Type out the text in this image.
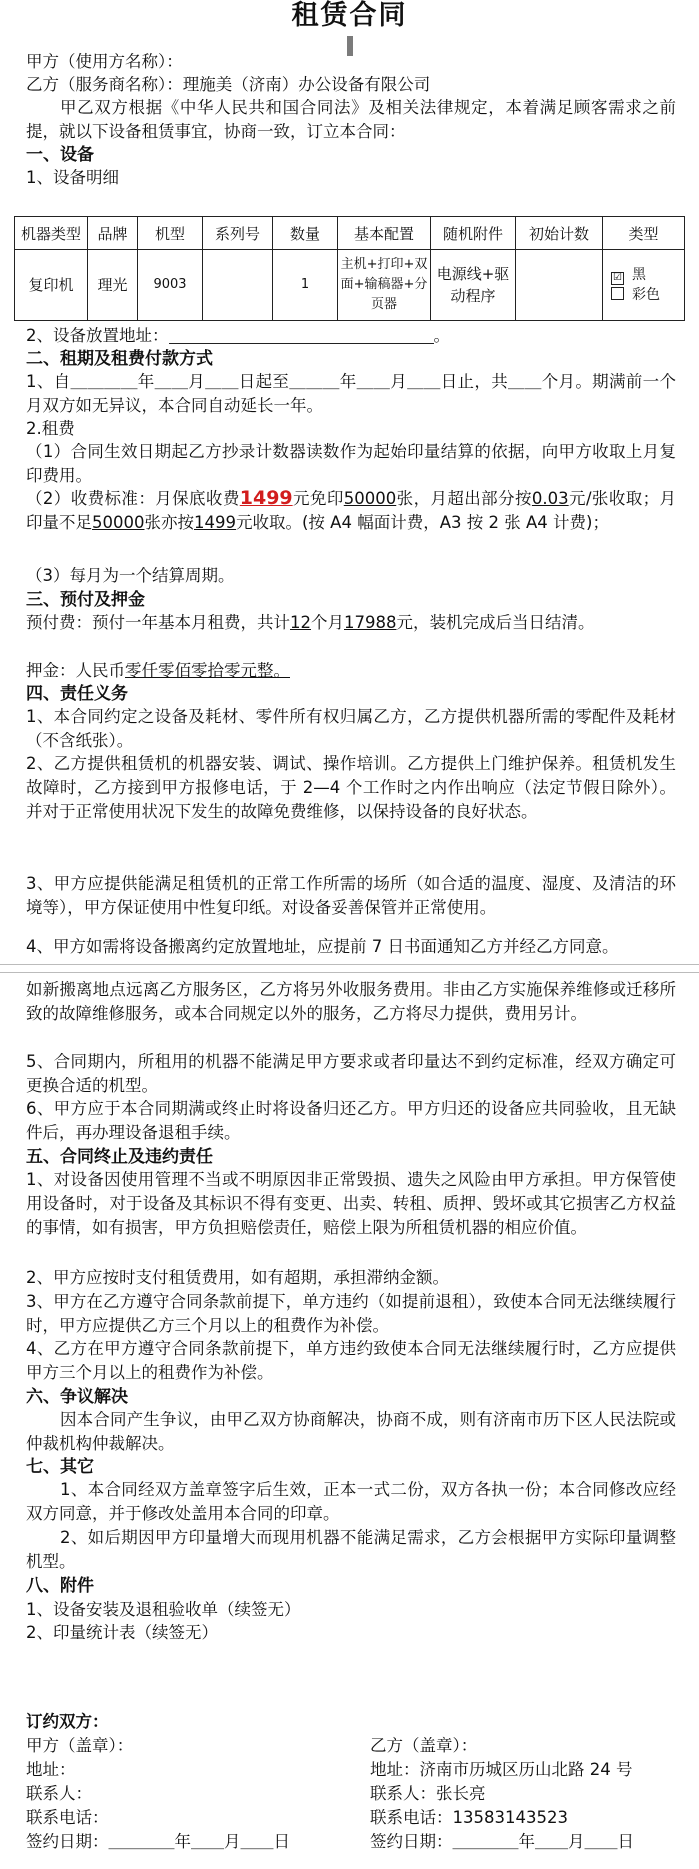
租赁合同
甲方（使用方名称）：
乙方（服务商名称）：理施美（济南）办公设备有限公司
甲乙双方根据《中华人民共和国合同法》及相关法律规定，本着满足顾客需求之前提，就以下设备租赁事宜，协商一致，订立本合同：
一、设备
1、设备明细
机器类型	品牌	机型	系列号	数量	基本配置	随机附件	初始计数	类型
复印机	理光	9003		1	主机+打印+双面+输稿器+分页器	电源线+驱动程序		☑ 黑
彩色
2、设备放置地址：	。
二、租期及租费付款方式
1、自＿＿＿＿年＿＿月＿＿日起至＿＿＿年＿＿月＿＿日止，共＿＿个月。期满前一个月双方如无异议，本合同自动延长一年。
2.租费
（1）合同生效日期起乙方抄录计数器读数作为起始印量结算的依据，向甲方收取上月复印费用。
（2）收费标准：月保底收费1499元免印50000张，月超出部分按0.03元/张收取；月印量不足50000张亦按1499元收取。(按 A4 幅面计费，A3 按 2 张 A4 计费)；
（3）每月为一个结算周期。
三、预付及押金
预付费：预付一年基本月租费，共计12个月17988元，装机完成后当日结清。
押金：人民币零仟零佰零拾零元整。
四、责任义务
1、本合同约定之设备及耗材、零件所有权归属乙方，乙方提供机器所需的零配件及耗材（不含纸张）。
2、乙方提供租赁机的机器安装、调试、操作培训。乙方提供上门维护保养。租赁机发生故障时，乙方接到甲方报修电话，于 2—4 个工作时之内作出响应（法定节假日除外）。并对于正常使用状况下发生的故障免费维修，以保持设备的良好状态。
3、甲方应提供能满足租赁机的正常工作所需的场所（如合适的温度、湿度、及清洁的环境等），甲方保证使用中性复印纸。对设备妥善保管并正常使用。
4、甲方如需将设备搬离约定放置地址，应提前 7 日书面通知乙方并经乙方同意。
如新搬离地点远离乙方服务区，乙方将另外收服务费用。非由乙方实施保养维修或迁移所致的故障维修服务，或本合同规定以外的服务，乙方将尽力提供，费用另计。
5、合同期内，所租用的机器不能满足甲方要求或者印量达不到约定标准，经双方确定可更换合适的机型。
6、甲方应于本合同期满或终止时将设备归还乙方。甲方归还的设备应共同验收，且无缺件后，再办理设备退租手续。
五、合同终止及违约责任
1、对设备因使用管理不当或不明原因非正常毁损、遗失之风险由甲方承担。甲方保管使用设备时，对于设备及其标识不得有变更、出卖、转租、质押、毁坏或其它损害乙方权益的事情，如有损害，甲方负担赔偿责任，赔偿上限为所租赁机器的相应价值。
2、甲方应按时支付租赁费用，如有超期，承担滞纳金额。
3、甲方在乙方遵守合同条款前提下，单方违约（如提前退租），致使本合同无法继续履行时，甲方应提供乙方三个月以上的租费作为补偿。
4、乙方在甲方遵守合同条款前提下，单方违约致使本合同无法继续履行时，乙方应提供甲方三个月以上的租费作为补偿。
六、争议解决
因本合同产生争议，由甲乙双方协商解决，协商不成，则有济南市历下区人民法院或仲裁机构仲裁解决。
七、其它
1、本合同经双方盖章签字后生效，正本一式二份，双方各执一份；本合同修改应经双方同意，并于修改处盖用本合同的印章。
2、如后期因甲方印量增大而现用机器不能满足需求，乙方会根据甲方实际印量调整机型。
八、附件
1、设备安装及退租验收单（续签无）
2、印量统计表（续签无）
订约双方：
甲方（盖章）：
地址：
联系人：
联系电话：
签约日期：＿＿＿＿年＿＿月＿＿日
乙方（盖章）：
地址：济南市历城区历山北路 24 号
联系人：张长亮
联系电话：13583143523
签约日期：＿＿＿＿年＿＿月＿＿日
